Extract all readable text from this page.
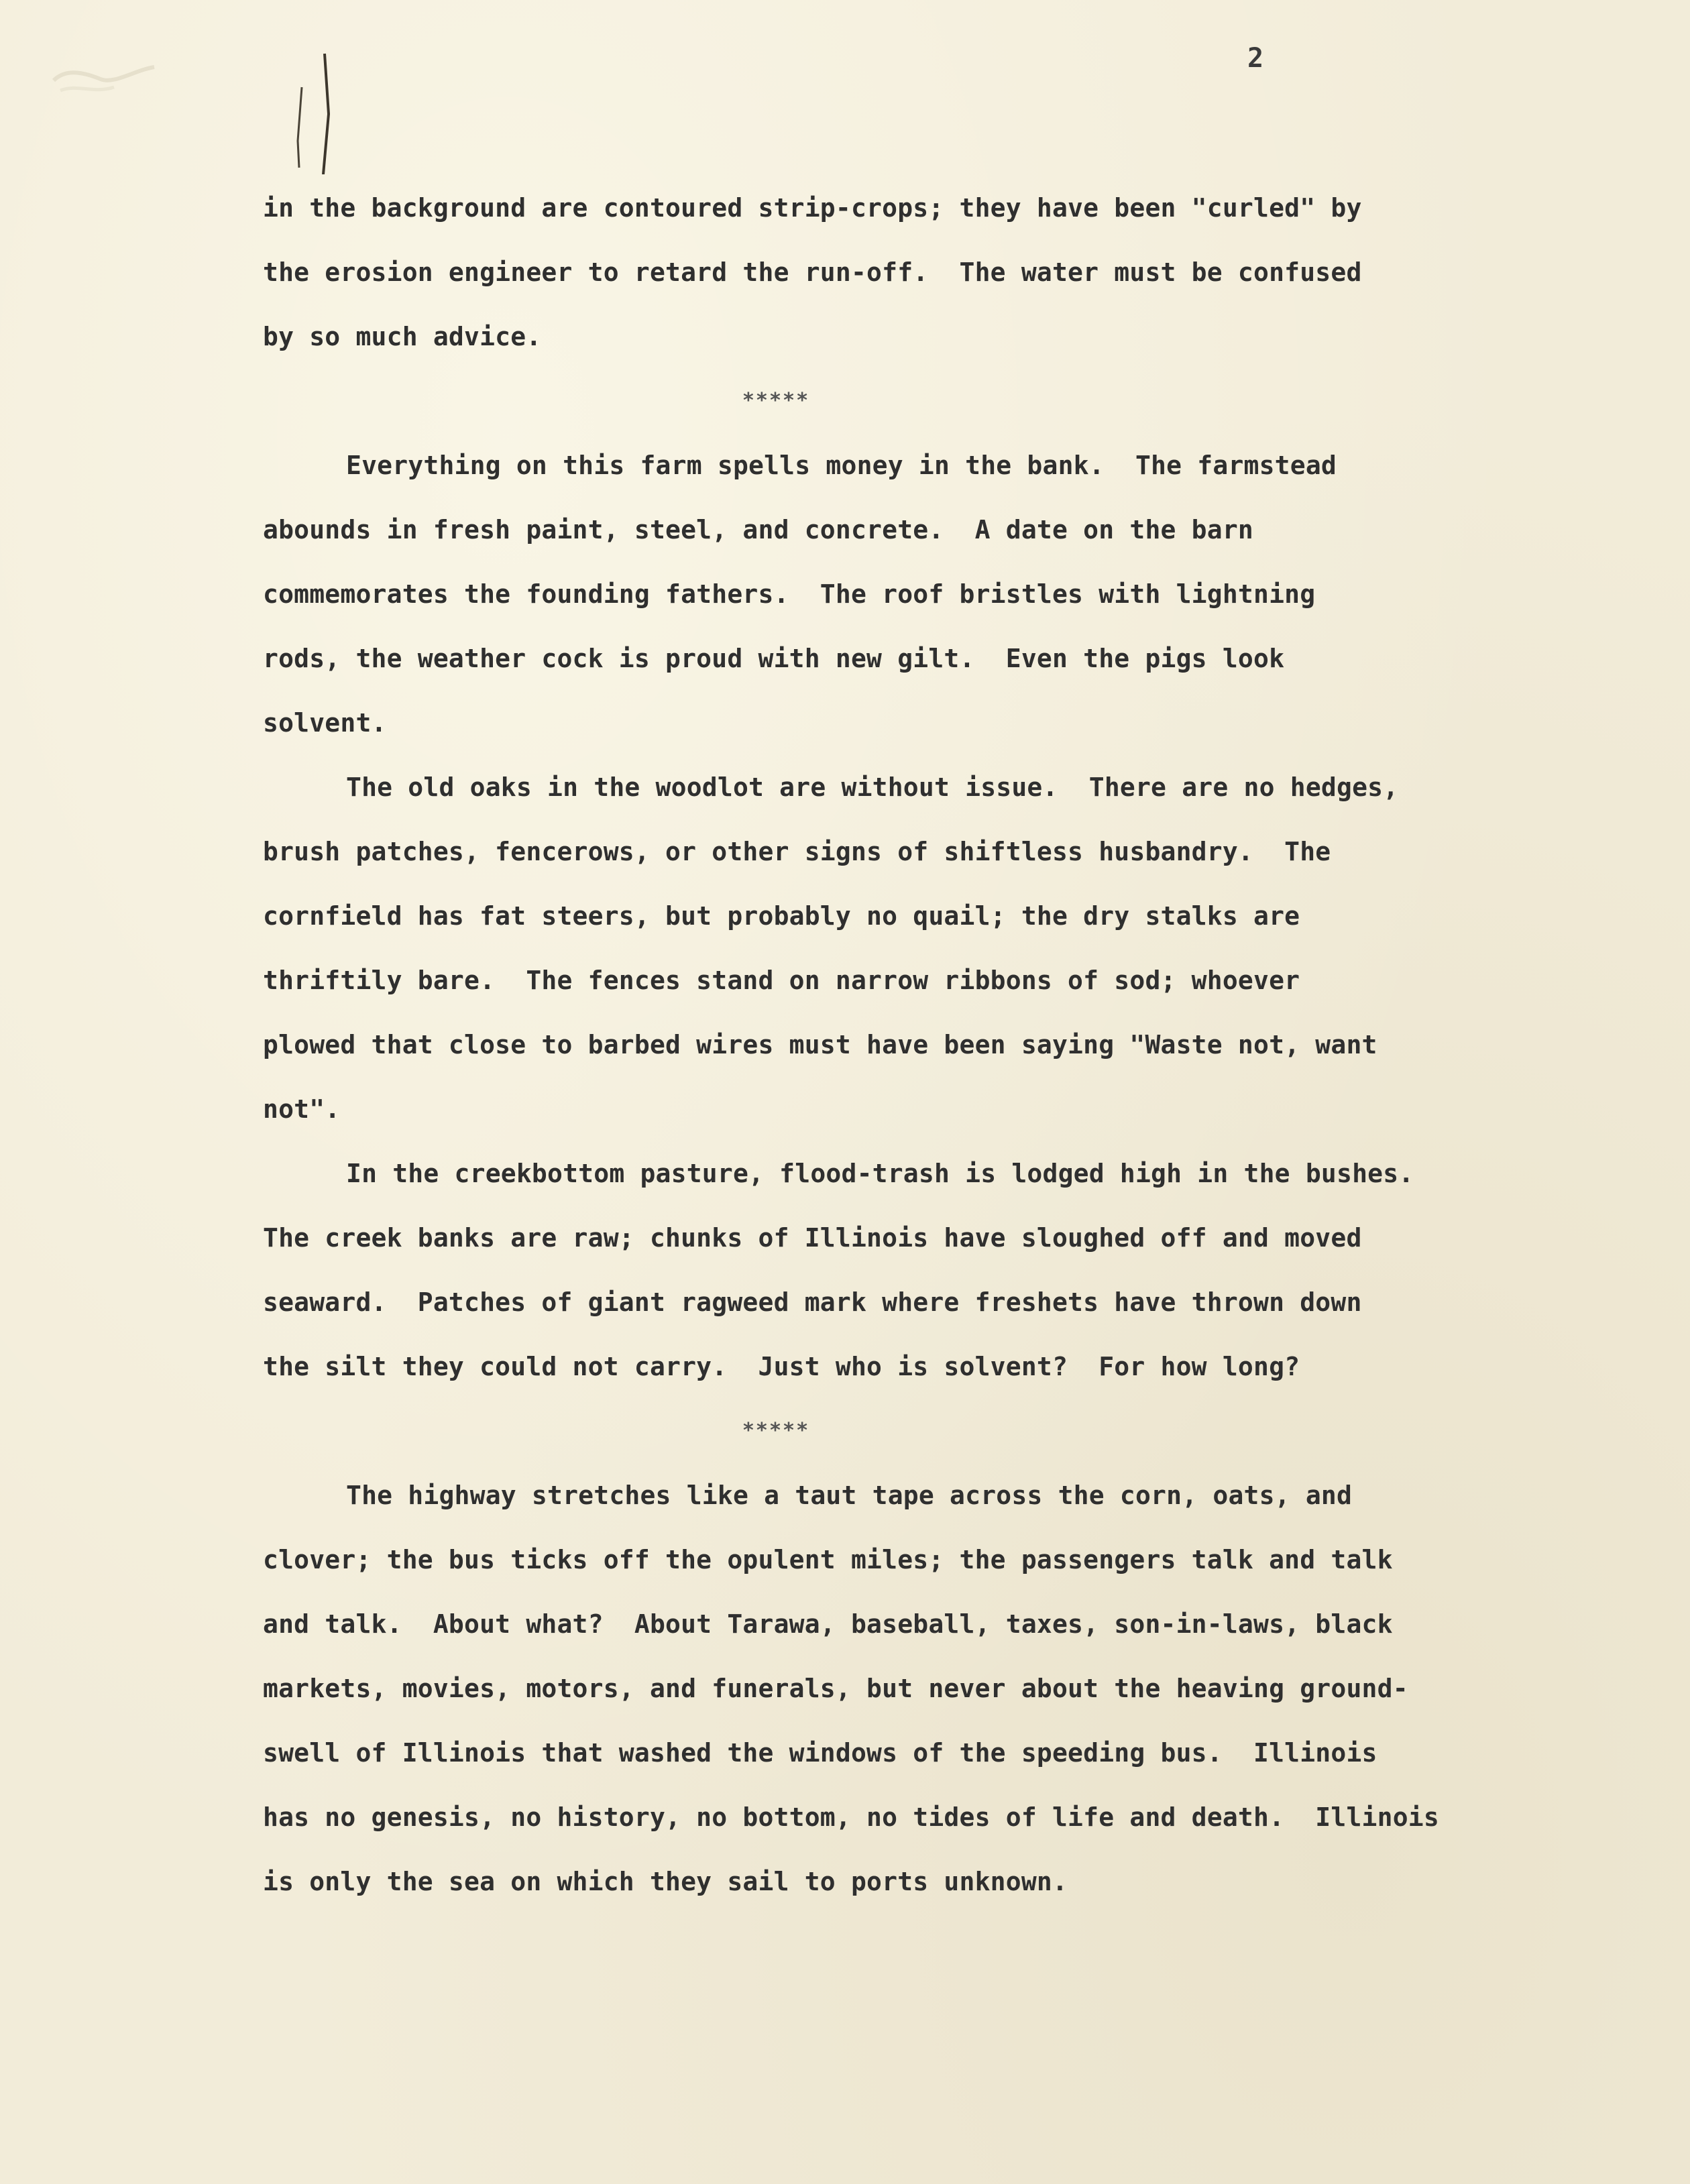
2
in the background are contoured strip-crops; they have been "curled" by
the erosion engineer to retard the run-off.  The water must be confused
by so much advice.
*****
Everything on this farm spells money in the bank.  The farmstead
abounds in fresh paint, steel, and concrete.  A date on the barn
commemorates the founding fathers.  The roof bristles with lightning
rods, the weather cock is proud with new gilt.  Even the pigs look
solvent.
The old oaks in the woodlot are without issue.  There are no hedges,
brush patches, fencerows, or other signs of shiftless husbandry.  The
cornfield has fat steers, but probably no quail; the dry stalks are
thriftily bare.  The fences stand on narrow ribbons of sod; whoever
plowed that close to barbed wires must have been saying "Waste not, want
not".
In the creekbottom pasture, flood-trash is lodged high in the bushes.
The creek banks are raw; chunks of Illinois have sloughed off and moved
seaward.  Patches of giant ragweed mark where freshets have thrown down
the silt they could not carry.  Just who is solvent?  For how long?
*****
The highway stretches like a taut tape across the corn, oats, and
clover; the bus ticks off the opulent miles; the passengers talk and talk
and talk.  About what?  About Tarawa, baseball, taxes, son-in-laws, black
markets, movies, motors, and funerals, but never about the heaving ground-
swell of Illinois that washed the windows of the speeding bus.  Illinois
has no genesis, no history, no bottom, no tides of life and death.  Illinois
is only the sea on which they sail to ports unknown.
